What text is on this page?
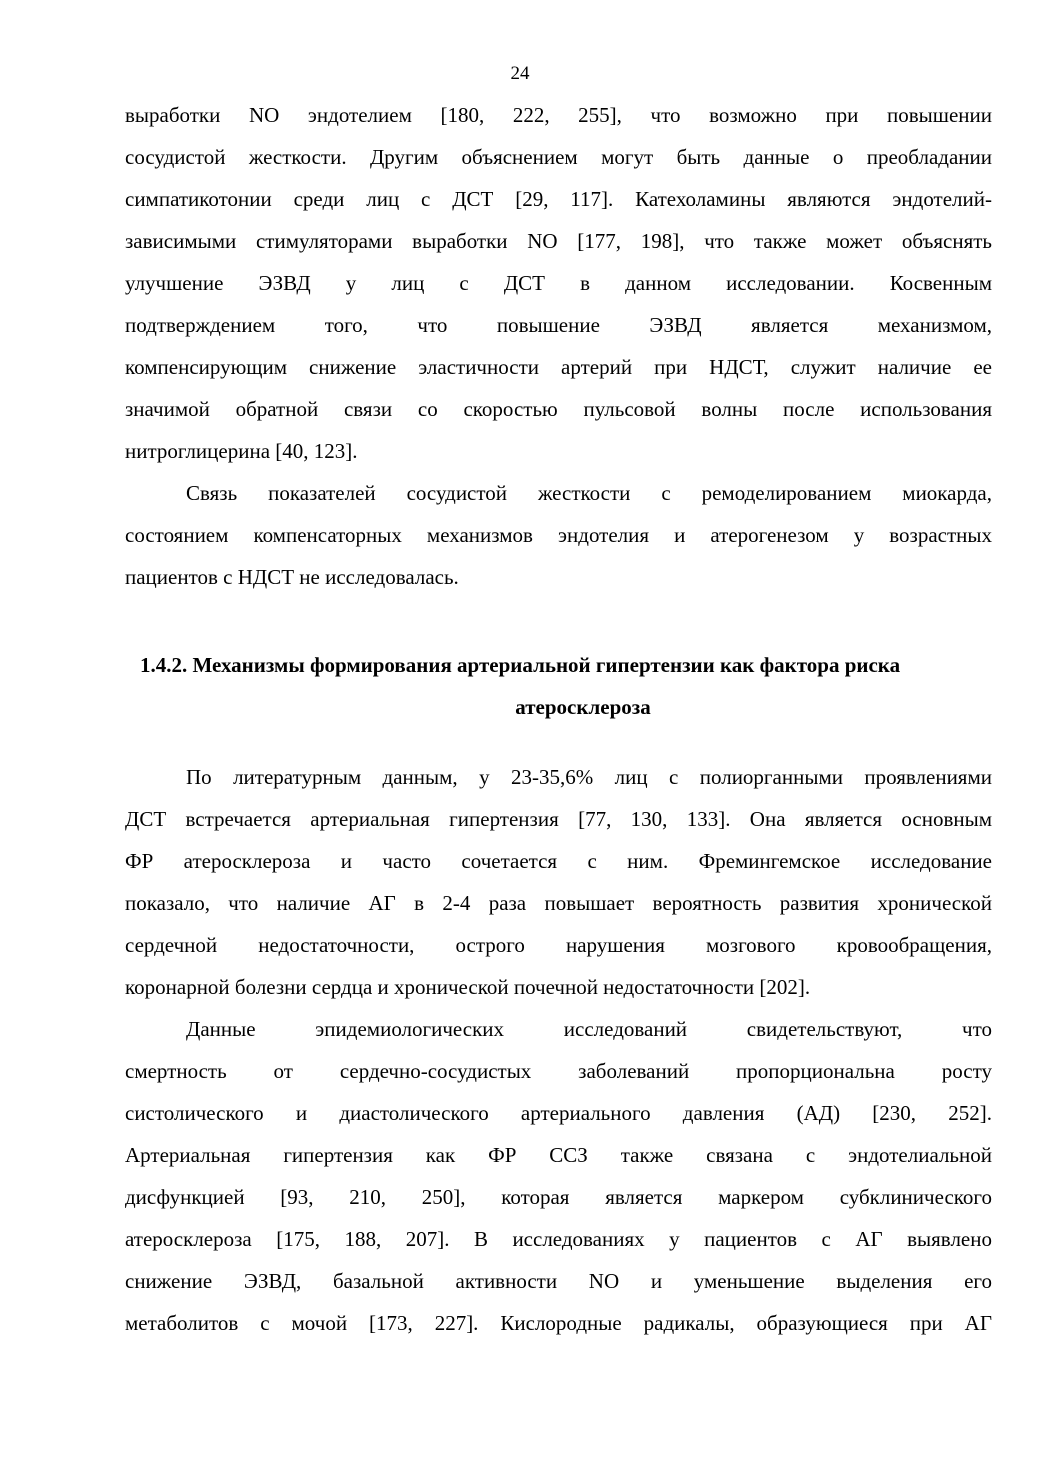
24
выработки NO эндотелием [180, 222, 255], что возможно при повышении
сосудистой жесткости. Другим объяснением могут быть данные о преобладании
симпатикотонии среди лиц с ДСТ [29, 117]. Катехоламины являются эндотелий-
зависимыми стимуляторами выработки NO [177, 198], что также может объяснять
улучшение ЭЗВД у лиц с ДСТ в данном исследовании. Косвенным
подтверждением того, что повышение ЭЗВД является механизмом,
компенсирующим снижение эластичности артерий при НДСТ, служит наличие ее
значимой обратной связи со скоростью пульсовой волны после использования
нитроглицерина [40, 123].
Связь показателей сосудистой жесткости с ремоделированием миокарда,
состоянием компенсаторных механизмов эндотелия и атерогенезом у возрастных
пациентов с НДСТ не исследовалась.
1.4.2. Механизмы формирования артериальной гипертензии как фактора риска
атеросклероза
По литературным данным, у 23-35,6% лиц с полиорганными проявлениями
ДСТ встречается артериальная гипертензия [77, 130, 133]. Она является основным
ФР атеросклероза и часто сочетается с ним. Фремингемское исследование
показало, что наличие АГ в 2-4 раза повышает вероятность развития хронической
сердечной недостаточности, острого нарушения мозгового кровообращения,
коронарной болезни сердца и хронической почечной недостаточности [202].
Данные эпидемиологических исследований свидетельствуют, что
смертность от сердечно-сосудистых заболеваний пропорциональна росту
систолического и диастолического артериального давления (АД) [230, 252].
Артериальная гипертензия как ФР ССЗ также связана с эндотелиальной
дисфункцией [93, 210, 250], которая является маркером субклинического
атеросклероза [175, 188, 207]. В исследованиях у пациентов с АГ выявлено
снижение ЭЗВД, базальной активности NO и уменьшение выделения его
метаболитов с мочой [173, 227]. Кислородные радикалы, образующиеся при АГ
